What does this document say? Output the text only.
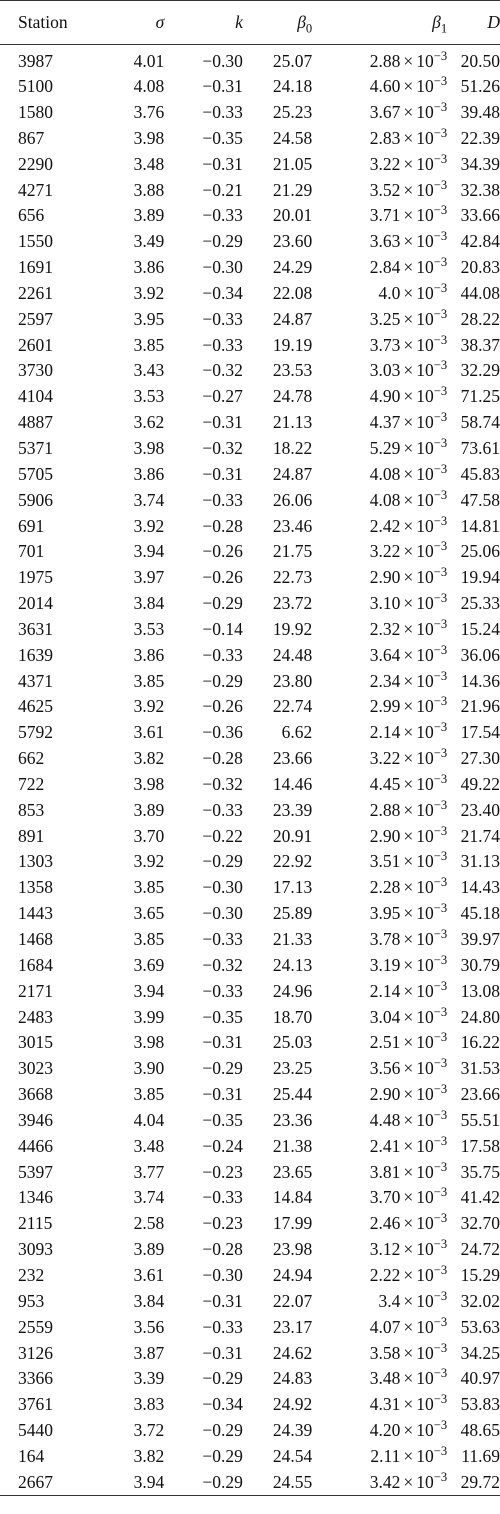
Station	σ	k	$\beta_0$	$\beta_1$	D
3987	4.01	−0.30	25.07	$2.88 \times 10^{-3}$	20.50
5100	4.08	−0.31	24.18	$4.60 \times 10^{-3}$	51.26
1580	3.76	−0.33	25.23	$3.67 \times 10^{-3}$	39.48
867	3.98	−0.35	24.58	$2.83 \times 10^{-3}$	22.39
2290	3.48	−0.31	21.05	$3.22 \times 10^{-3}$	34.39
4271	3.88	−0.21	21.29	$3.52 \times 10^{-3}$	32.38
656	3.89	−0.33	20.01	$3.71 \times 10^{-3}$	33.66
1550	3.49	−0.29	23.60	$3.63 \times 10^{-3}$	42.84
1691	3.86	−0.30	24.29	$2.84 \times 10^{-3}$	20.83
2261	3.92	−0.34	22.08	$4.0 \times 10^{-3}$	44.08
2597	3.95	−0.33	24.87	$3.25 \times 10^{-3}$	28.22
2601	3.85	−0.33	19.19	$3.73 \times 10^{-3}$	38.37
3730	3.43	−0.32	23.53	$3.03 \times 10^{-3}$	32.29
4104	3.53	−0.27	24.78	$4.90 \times 10^{-3}$	71.25
4887	3.62	−0.31	21.13	$4.37 \times 10^{-3}$	58.74
5371	3.98	−0.32	18.22	$5.29 \times 10^{-3}$	73.61
5705	3.86	−0.31	24.87	$4.08 \times 10^{-3}$	45.83
5906	3.74	−0.33	26.06	$4.08 \times 10^{-3}$	47.58
691	3.92	−0.28	23.46	$2.42 \times 10^{-3}$	14.81
701	3.94	−0.26	21.75	$3.22 \times 10^{-3}$	25.06
1975	3.97	−0.26	22.73	$2.90 \times 10^{-3}$	19.94
2014	3.84	−0.29	23.72	$3.10 \times 10^{-3}$	25.33
3631	3.53	−0.14	19.92	$2.32 \times 10^{-3}$	15.24
1639	3.86	−0.33	24.48	$3.64 \times 10^{-3}$	36.06
4371	3.85	−0.29	23.80	$2.34 \times 10^{-3}$	14.36
4625	3.92	−0.26	22.74	$2.99 \times 10^{-3}$	21.96
5792	3.61	−0.36	6.62	$2.14 \times 10^{-3}$	17.54
662	3.82	−0.28	23.66	$3.22 \times 10^{-3}$	27.30
722	3.98	−0.32	14.46	$4.45 \times 10^{-3}$	49.22
853	3.89	−0.33	23.39	$2.88 \times 10^{-3}$	23.40
891	3.70	−0.22	20.91	$2.90 \times 10^{-3}$	21.74
1303	3.92	−0.29	22.92	$3.51 \times 10^{-3}$	31.13
1358	3.85	−0.30	17.13	$2.28 \times 10^{-3}$	14.43
1443	3.65	−0.30	25.89	$3.95 \times 10^{-3}$	45.18
1468	3.85	−0.33	21.33	$3.78 \times 10^{-3}$	39.97
1684	3.69	−0.32	24.13	$3.19 \times 10^{-3}$	30.79
2171	3.94	−0.33	24.96	$2.14 \times 10^{-3}$	13.08
2483	3.99	−0.35	18.70	$3.04 \times 10^{-3}$	24.80
3015	3.98	−0.31	25.03	$2.51 \times 10^{-3}$	16.22
3023	3.90	−0.29	23.25	$3.56 \times 10^{-3}$	31.53
3668	3.85	−0.31	25.44	$2.90 \times 10^{-3}$	23.66
3946	4.04	−0.35	23.36	$4.48 \times 10^{-3}$	55.51
4466	3.48	−0.24	21.38	$2.41 \times 10^{-3}$	17.58
5397	3.77	−0.23	23.65	$3.81 \times 10^{-3}$	35.75
1346	3.74	−0.33	14.84	$3.70 \times 10^{-3}$	41.42
2115	2.58	−0.23	17.99	$2.46 \times 10^{-3}$	32.70
3093	3.89	−0.28	23.98	$3.12 \times 10^{-3}$	24.72
232	3.61	−0.30	24.94	$2.22 \times 10^{-3}$	15.29
953	3.84	−0.31	22.07	$3.4 \times 10^{-3}$	32.02
2559	3.56	−0.33	23.17	$4.07 \times 10^{-3}$	53.63
3126	3.87	−0.31	24.62	$3.58 \times 10^{-3}$	34.25
3366	3.39	−0.29	24.83	$3.48 \times 10^{-3}$	40.97
3761	3.83	−0.34	24.92	$4.31 \times 10^{-3}$	53.83
5440	3.72	−0.29	24.39	$4.20 \times 10^{-3}$	48.65
164	3.82	−0.29	24.54	$2.11 \times 10^{-3}$	11.69
2667	3.94	−0.29	24.55	$3.42 \times 10^{-3}$	29.72
